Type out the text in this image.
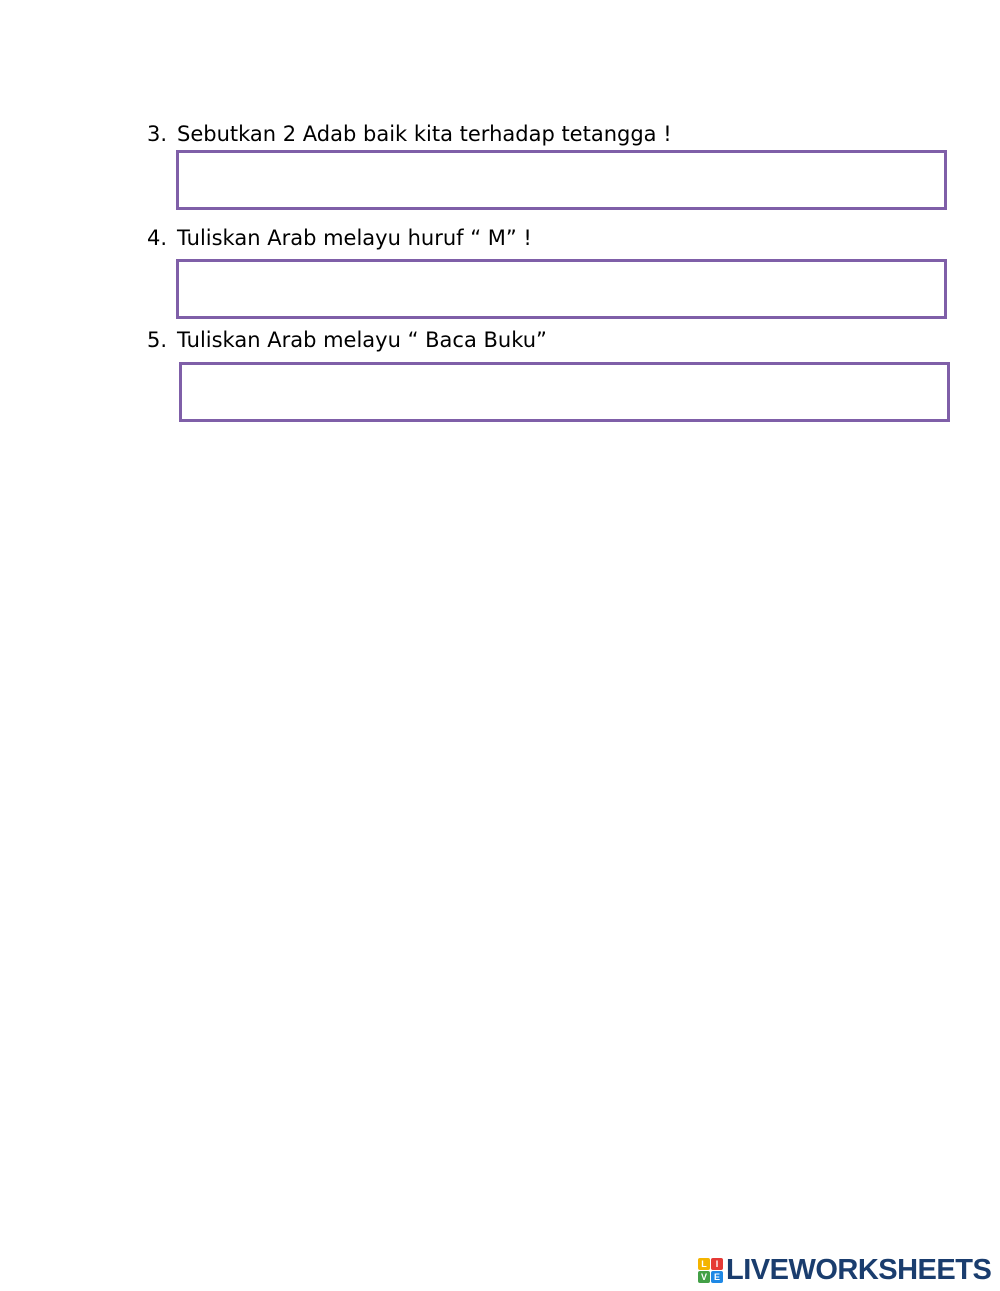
3. Sebutkan 2 Adab baik kita terhadap tetangga !
4. Tuliskan Arab melayu huruf “ M” !
5. Tuliskan Arab melayu “ Baca Buku”
L I
V E LIVEWORKSHEETS
